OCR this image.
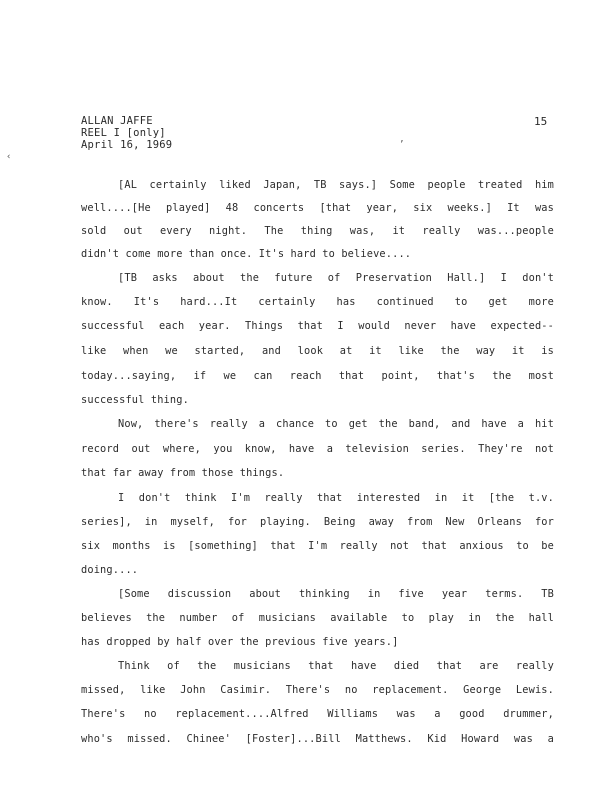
ALLAN JAFFE
REEL I [only]
April 16, 1969
15
[AL certainly liked Japan, TB says.] Some people treated him
well....[He played] 48 concerts [that year, six weeks.] It was
sold out every night. The thing was, it really was...people
didn't come more than once. It's hard to believe....
[TB asks about the future of Preservation Hall.] I don't
know. It's hard...It certainly has continued to get more
successful each year. Things that I would never have expected--
like when we started, and look at it like the way it is
today...saying, if we can reach that point, that's the most
successful thing.
Now, there's really a chance to get the band, and have a hit
record out where, you know, have a television series. They're not
that far away from those things.
I don't think I'm really that interested in it [the t.v.
series], in myself, for playing. Being away from New Orleans for
six months is [something] that I'm really not that anxious to be
doing....
[Some discussion about thinking in five year terms. TB
believes the number of musicians available to play in the hall
has dropped by half over the previous five years.]
Think of the musicians that have died that are really
missed, like John Casimir. There's no replacement. George Lewis.
There's no replacement....Alfred Williams was a good drummer,
who's missed. Chinee' [Foster]...Bill Matthews. Kid Howard was a
‹
’
